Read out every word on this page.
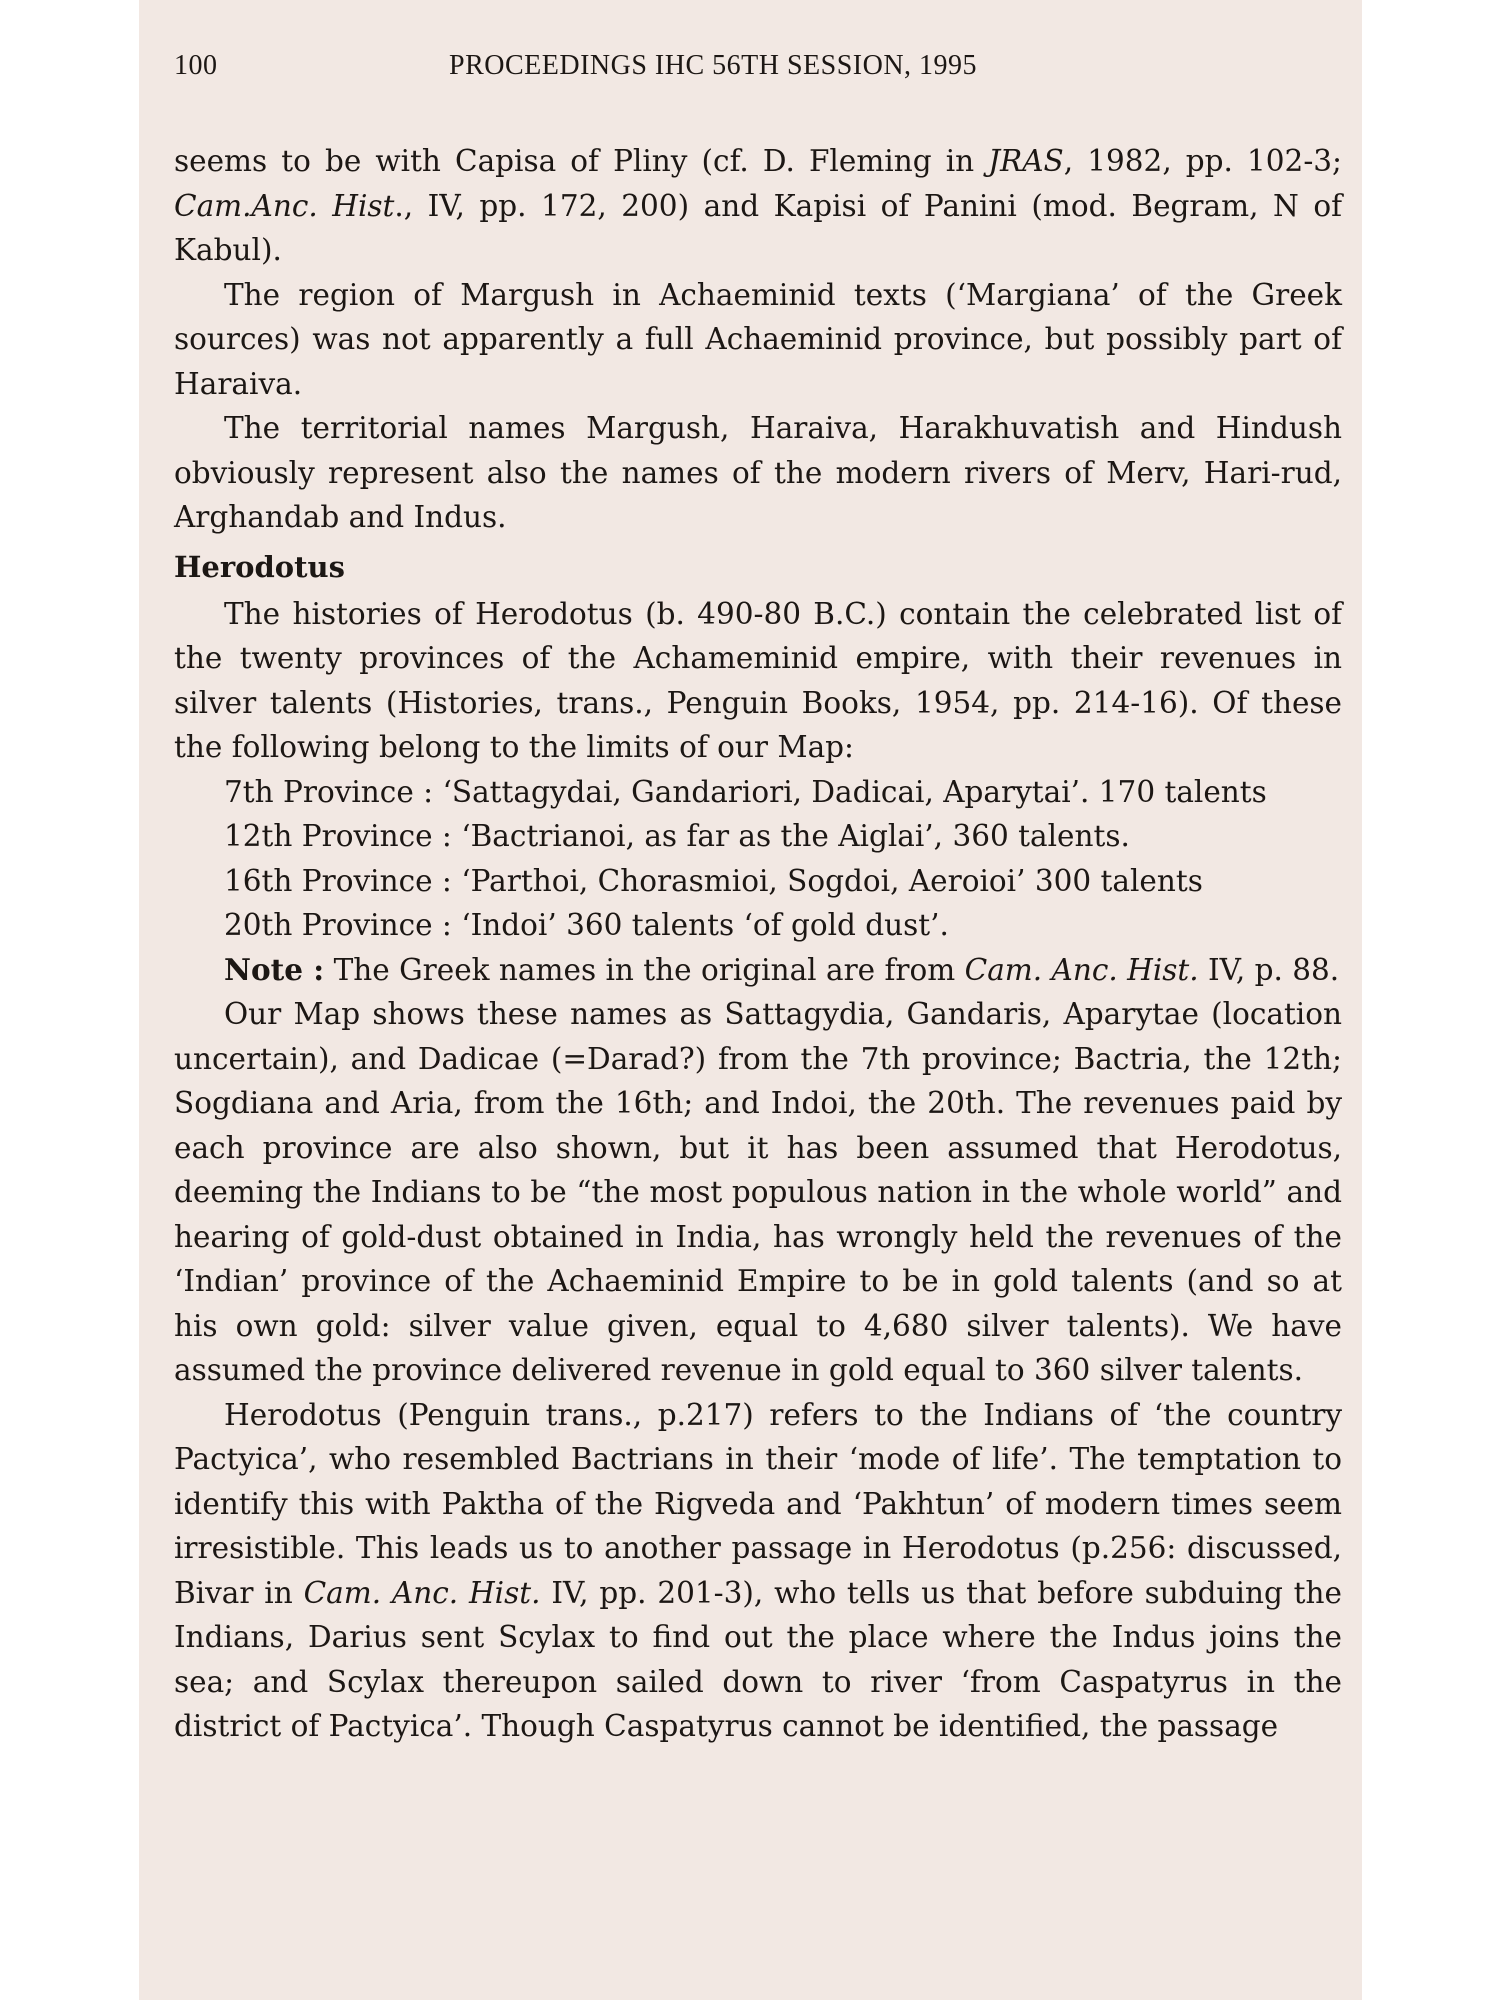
100	PROCEEDINGS IHC 56TH SESSION, 1995

seems to be with Capisa of Pliny (cf. D. Fleming in JRAS, 1982, pp. 102-3; Cam.Anc. Hist., IV, pp. 172, 200) and Kapisi of Panini (mod. Begram, N of Kabul).

The region of Margush in Achaeminid texts (‘Margiana’ of the Greek sources) was not apparently a full Achaeminid province, but possibly part of Haraiva.

The territorial names Margush, Haraiva, Harakhuvatish and Hindush obviously represent also the names of the modern rivers of Merv, Hari-rud, Arghandab and Indus.

Herodotus

The histories of Herodotus (b. 490-80 B.C.) contain the celebrated list of the twenty provinces of the Achameminid empire, with their revenues in silver talents (Histories, trans., Penguin Books, 1954, pp. 214-16). Of these the following belong to the limits of our Map:

7th Province : ‘Sattagydai, Gandariori, Dadicai, Aparytai’. 170 talents

12th Province : ‘Bactrianoi, as far as the Aiglai’, 360 talents.

16th Province : ‘Parthoi, Chorasmioi, Sogdoi, Aeroioi’ 300 talents

20th Province : ‘Indoi’ 360 talents ‘of gold dust’.

Note : The Greek names in the original are from Cam. Anc. Hist. IV, p. 88.

Our Map shows these names as Sattagydia, Gandaris, Aparytae (location uncertain), and Dadicae (=Darad?) from the 7th province; Bactria, the 12th; Sogdiana and Aria, from the 16th; and Indoi, the 20th. The revenues paid by each province are also shown, but it has been assumed that Herodotus, deeming the Indians to be “the most populous nation in the whole world” and hearing of gold-dust obtained in India, has wrongly held the revenues of the ‘Indian’ province of the Achaeminid Empire to be in gold talents (and so at his own gold: silver value given, equal to 4,680 silver talents). We have assumed the province delivered revenue in gold equal to 360 silver talents.

Herodotus (Penguin trans., p.217) refers to the Indians of ‘the country Pactyica’, who resembled Bactrians in their ‘mode of life’. The temptation to identify this with Paktha of the Rigveda and ‘Pakhtun’ of modern times seem irresistible. This leads us to another passage in Herodotus (p.256: discussed, Bivar in Cam. Anc. Hist. IV, pp. 201-3), who tells us that before subduing the Indians, Darius sent Scylax to find out the place where the Indus joins the sea; and Scylax thereupon sailed down to river ‘from Caspatyrus in the district of Pactyica’. Though Caspatyrus cannot be identified, the passage
